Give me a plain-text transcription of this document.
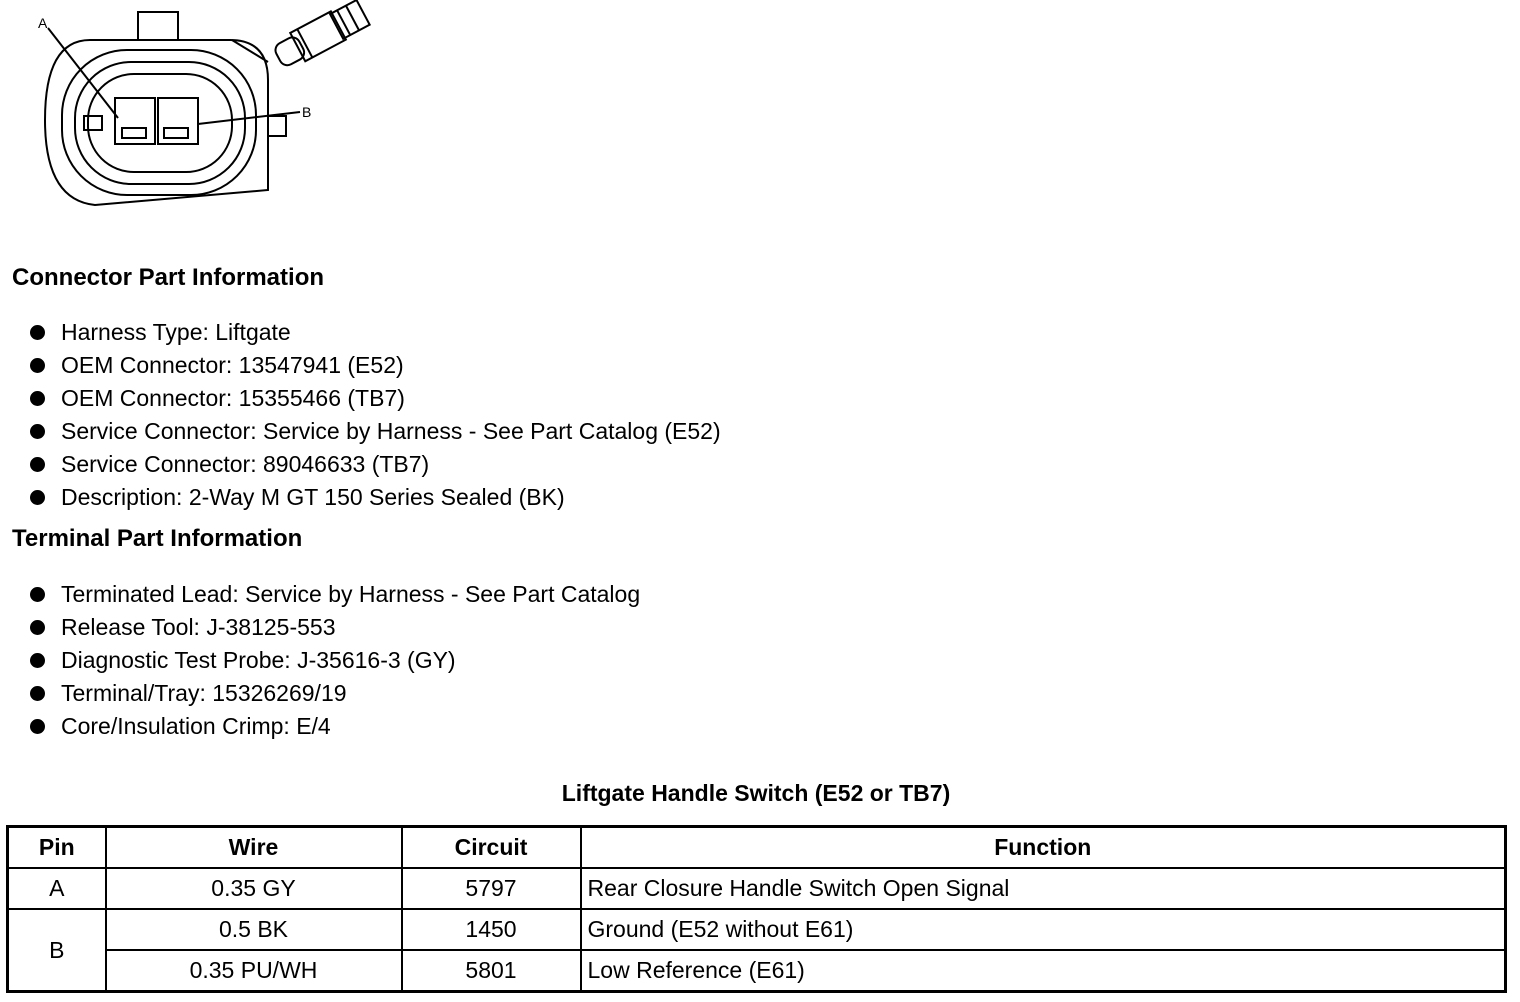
A
B
Connector Part Information
Harness Type: Liftgate
OEM Connector: 13547941 (E52)
OEM Connector: 15355466 (TB7)
Service Connector: Service by Harness - See Part Catalog (E52)
Service Connector: 89046633 (TB7)
Description: 2-Way M GT 150 Series Sealed (BK)
Terminal Part Information
Terminated Lead: Service by Harness - See Part Catalog
Release Tool: J-38125-553
Diagnostic Test Probe: J-35616-3 (GY)
Terminal/Tray: 15326269/19
Core/Insulation Crimp: E/4
Liftgate Handle Switch (E52 or TB7)
Pin	Wire	Circuit	Function
A	0.35 GY	5797	Rear Closure Handle Switch Open Signal
B	0.5 BK	1450	Ground (E52 without E61)
	0.35 PU/WH	5801	Low Reference (E61)
